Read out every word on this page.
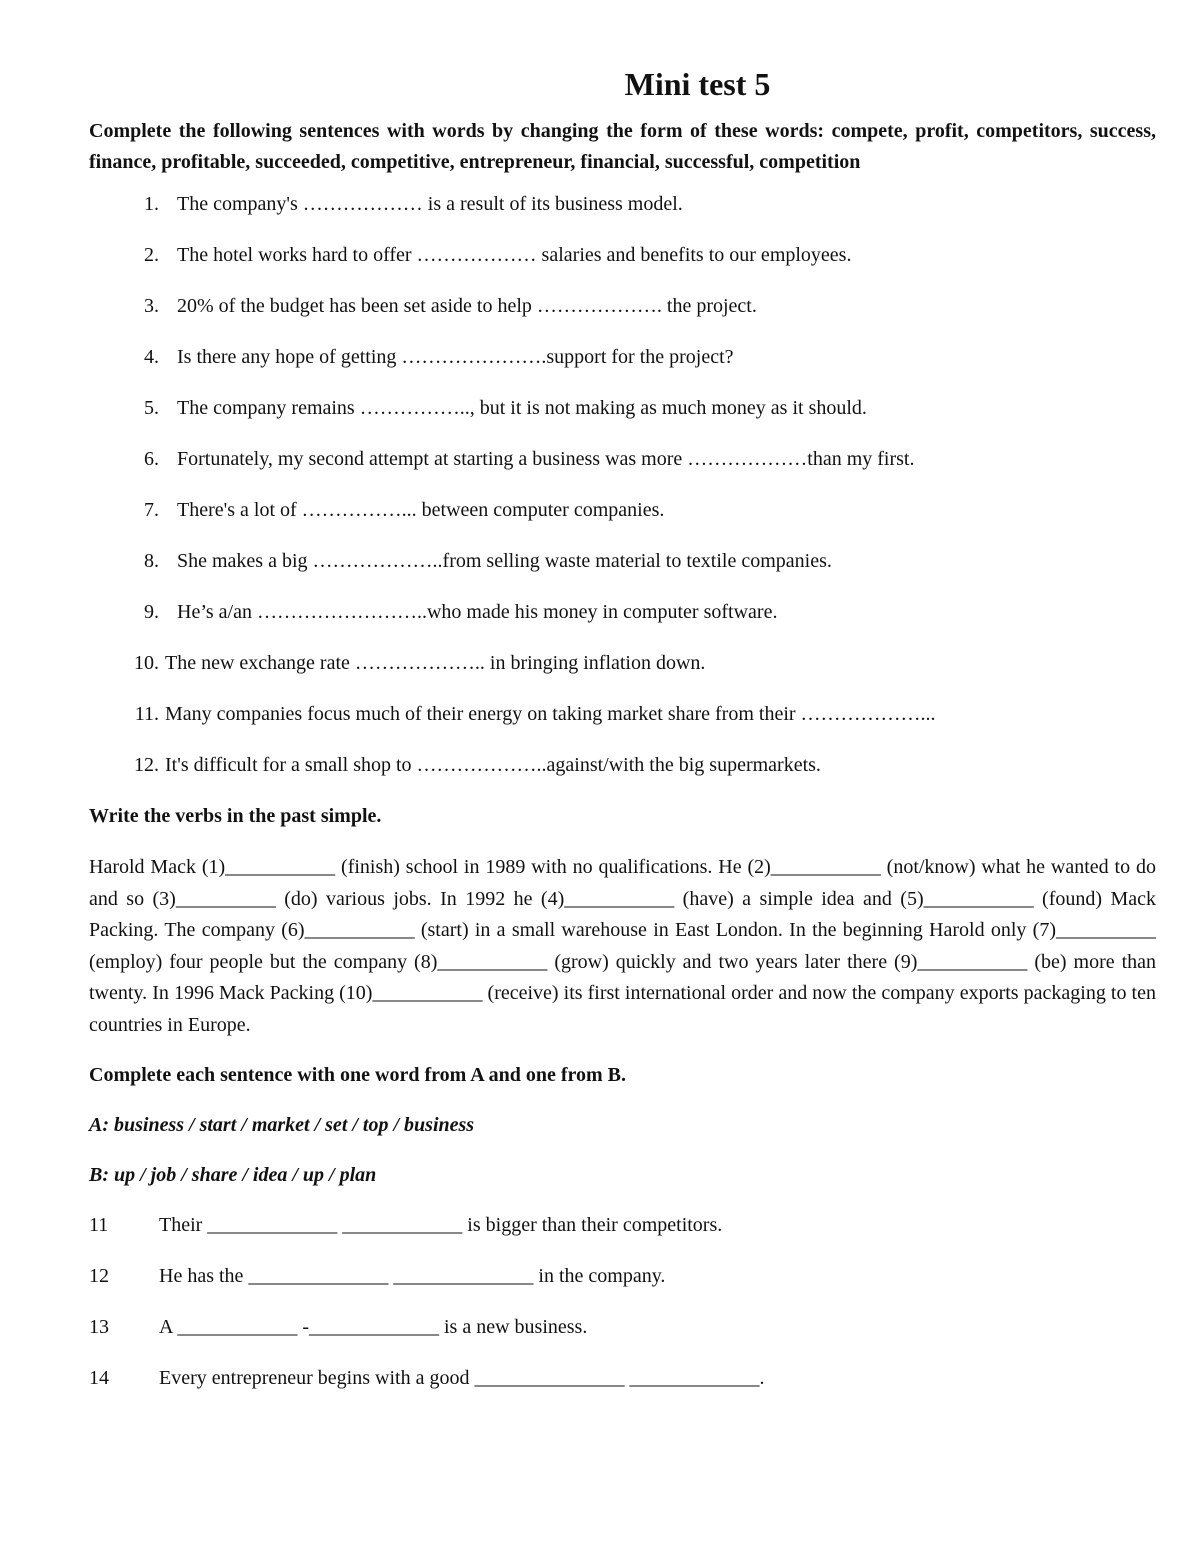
Mini test 5

Complete the following sentences with words by changing the form of these words: compete, profit, competitors, success, finance, profitable, succeeded, competitive, entrepreneur, financial, successful, competition

1. The company's ……………… is a result of its business model.
2. The hotel works hard to offer ……………… salaries and benefits to our employees.
3. 20% of the budget has been set aside to help ………………. the project.
4. Is there any hope of getting ………………….support for the project?
5. The company remains …………….., but it is not making as much money as it should.
6. Fortunately, my second attempt at starting a business was more ………………than my first.
7. There's a lot of ……………... between computer companies.
8. She makes a big ………………..from selling waste material to textile companies.
9. He’s a/an ……………………..who made his money in computer software.
10. The new exchange rate ……………….. in bringing inflation down.
11. Many companies focus much of their energy on taking market share from their ………………...
12. It's difficult for a small shop to ………………..against/with the big supermarkets.

Write the verbs in the past simple.

Harold Mack (1)___________ (finish) school in 1989 with no qualifications. He (2)___________ (not/know) what he wanted to do and so (3)__________ (do) various jobs. In 1992 he (4)___________ (have) a simple idea and (5)___________ (found) Mack Packing. The company (6)___________ (start) in a small warehouse in East London. In the beginning Harold only (7)__________ (employ) four people but the company (8)___________ (grow) quickly and two years later there (9)___________ (be) more than twenty. In 1996 Mack Packing (10)___________ (receive) its first international order and now the company exports packaging to ten countries in Europe.

Complete each sentence with one word from A and one from B.

A: business / start / market / set / top / business

B: up / job / share / idea / up / plan

11	Their _____________ ____________ is bigger than their competitors.
12	He has the ______________ ______________ in the company.
13	A ____________ -_____________ is a new business.
14	Every entrepreneur begins with a good _______________ _____________.
